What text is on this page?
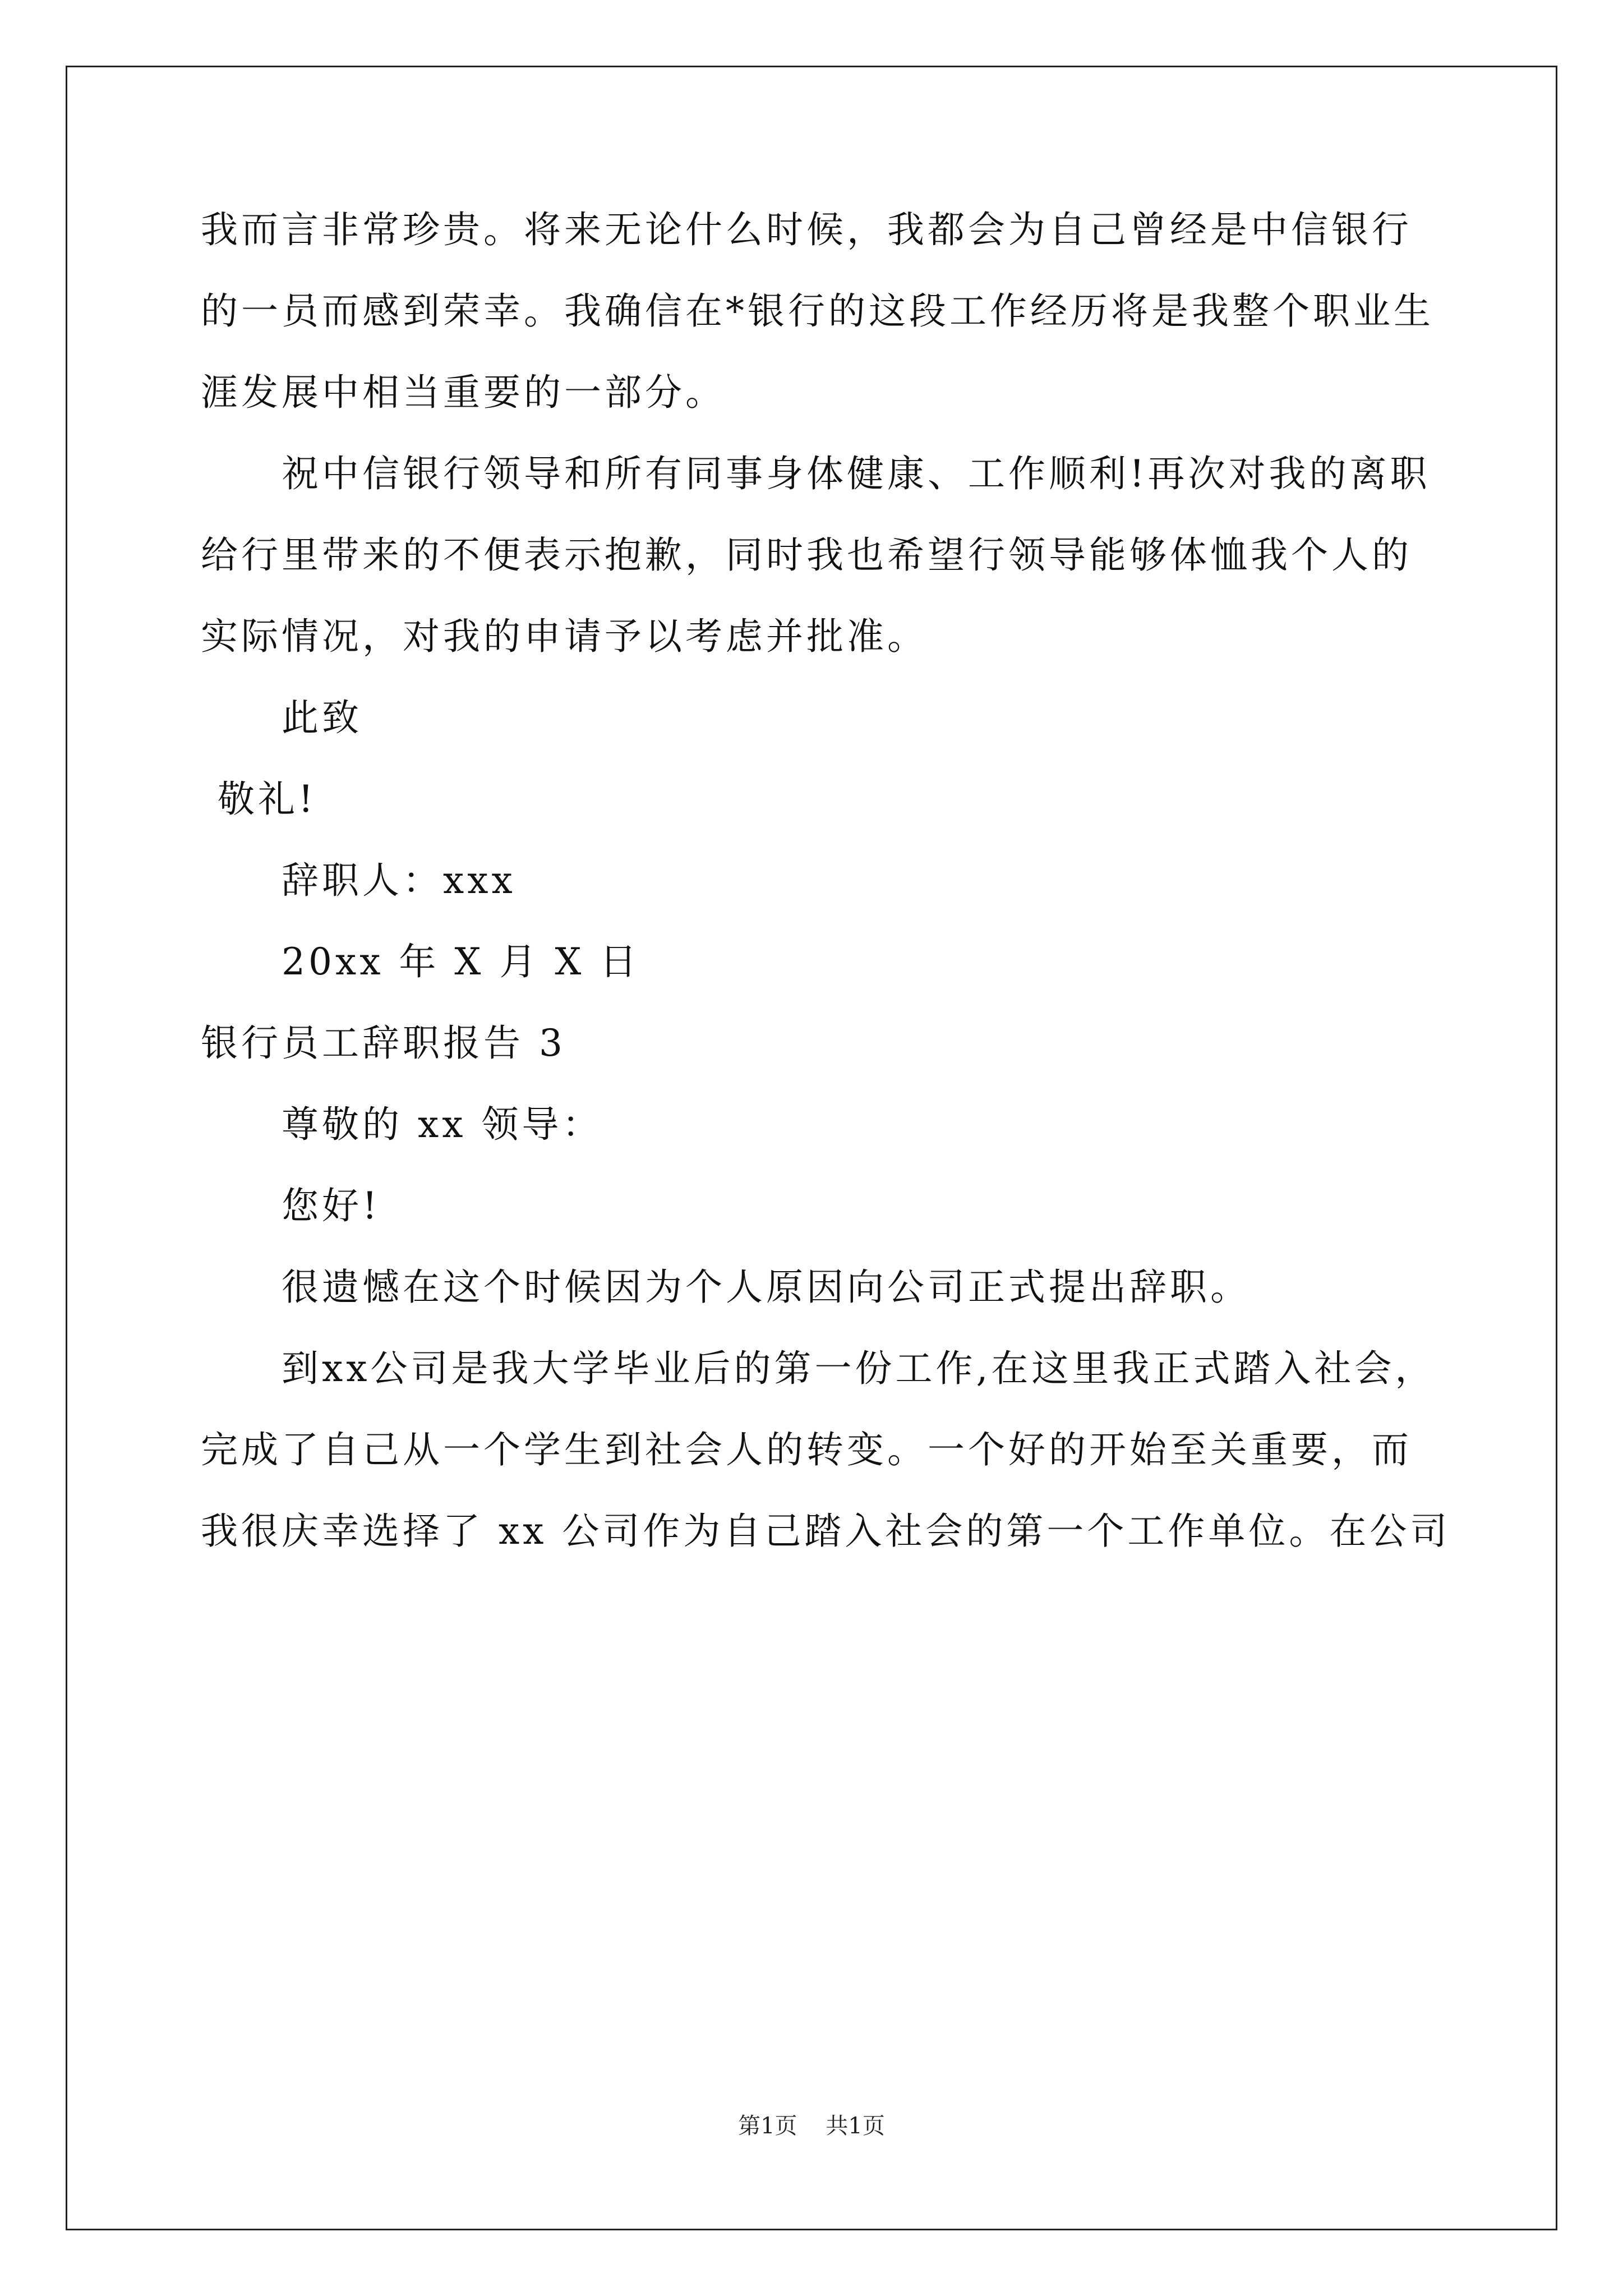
我而言非常珍贵。将来无论什么时候，我都会为自己曾经是中信银行
的一员而感到荣幸。我确信在*银行的这段工作经历将是我整个职业生
涯发展中相当重要的一部分。
祝中信银行领导和所有同事身体健康、工作顺利!再次对我的离职
给行里带来的不便表示抱歉，同时我也希望行领导能够体恤我个人的
实际情况，对我的申请予以考虑并批准。
此致
敬礼!
辞职人：xxx
20xx 年 X 月 X 日
银行员工辞职报告 3
尊敬的 xx 领导：
您好!
很遗憾在这个时候因为个人原因向公司正式提出辞职。
到xx公司是我大学毕业后的第一份工作,在这里我正式踏入社会，
完成了自己从一个学生到社会人的转变。一个好的开始至关重要，而
我很庆幸选择了 xx 公司作为自己踏入社会的第一个工作单位。在公司
第1页    共1页
